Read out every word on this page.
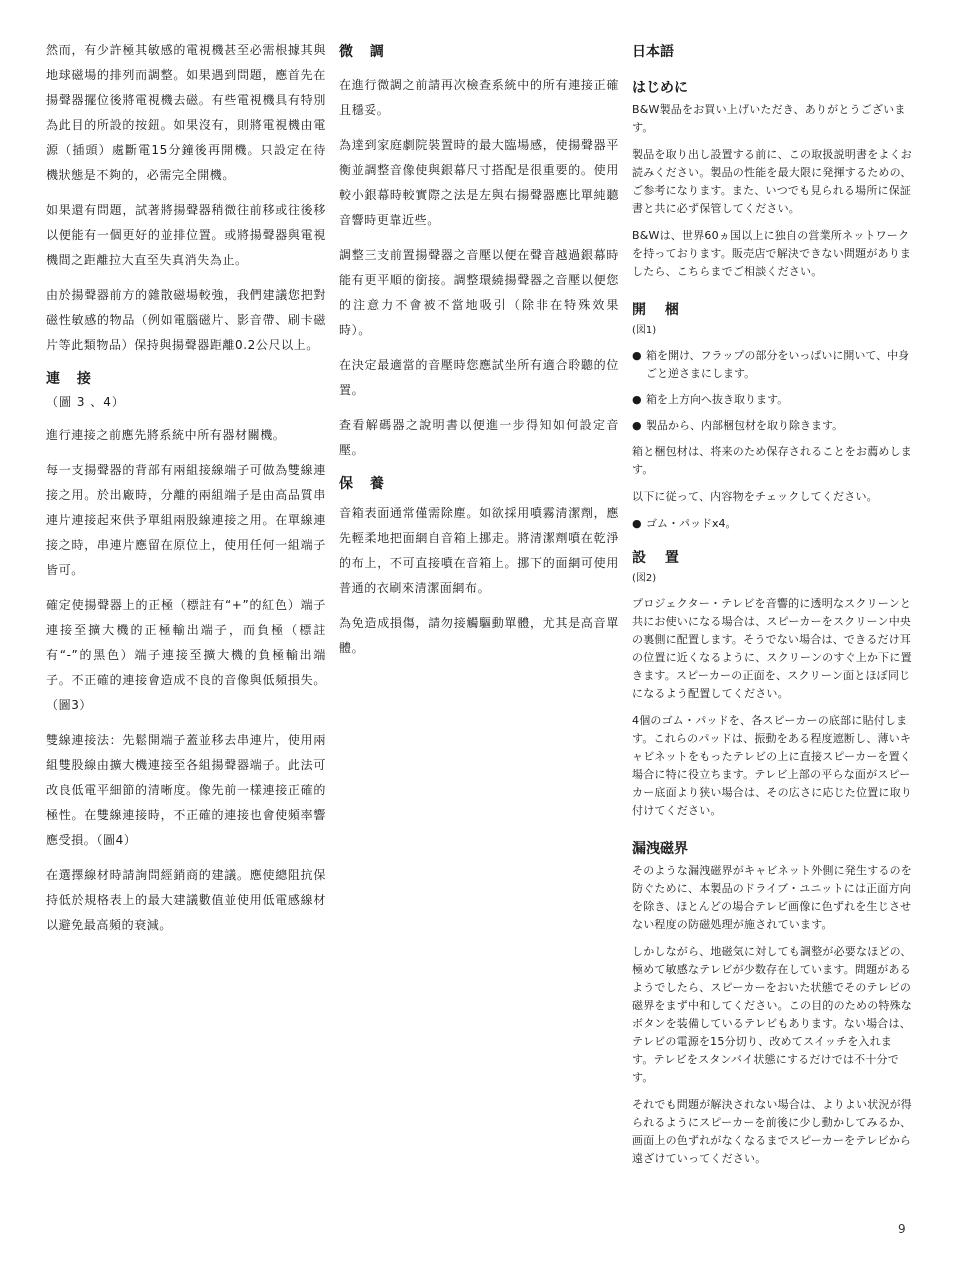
然而，有少許極其敏感的電視機甚至必需根據其與地球磁場的排列而調整。如果遇到問題，應首先在揚聲器擺位後將電視機去磁。有些電視機具有特別為此目的所設的按鈕。如果沒有，則將電視機由電源（插頭）處斷電15分鐘後再開機。只設定在待機狀態是不夠的，必需完全開機。

如果還有問題，試著將揚聲器稍微往前移或往後移以便能有一個更好的並排位置。或將揚聲器與電視機間之距離拉大直至失真消失為止。

由於揚聲器前方的雜散磁場較強，我們建議您把對磁性敏感的物品（例如電腦磁片、影音帶、刷卡磁片等此類物品）保持與揚聲器距離0.2公尺以上。

連 接
（圖 3 、4）

進行連接之前應先將系統中所有器材關機。

每一支揚聲器的背部有兩組接線端子可做為雙線連接之用。於出廠時，分離的兩組端子是由高品質串連片連接起來供予單組兩股線連接之用。在單線連接之時，串連片應留在原位上，使用任何一組端子皆可。

確定使揚聲器上的正極（標註有“+”的紅色）端子連接至擴大機的正極輸出端子，而負極（標註有“-”的黑色）端子連接至擴大機的負極輸出端子。不正確的連接會造成不良的音像與低頻損失。（圖3）

雙線連接法：先鬆開端子蓋並移去串連片，使用兩組雙股線由擴大機連接至各組揚聲器端子。此法可改良低電平細節的清晰度。像先前一樣連接正確的極性。在雙線連接時，不正確的連接也會使頻率響應受損。（圖4）

在選擇線材時請詢問經銷商的建議。應使總阻抗保持低於規格表上的最大建議數值並使用低電感線材以避免最高頻的衰減。

微 調

在進行微調之前請再次檢查系統中的所有連接正確且穩妥。

為達到家庭劇院裝置時的最大臨場感，使揚聲器平衡並調整音像使與銀幕尺寸搭配是很重要的。使用較小銀幕時較實際之法是左與右揚聲器應比單純聽音響時更靠近些。

調整三支前置揚聲器之音壓以便在聲音越過銀幕時能有更平順的銜接。調整環繞揚聲器之音壓以便您的注意力不會被不當地吸引（除非在特殊效果時）。

在決定最適當的音壓時您應試坐所有適合聆聽的位置。

查看解碼器之說明書以便進一步得知如何設定音壓。

保 養

音箱表面通常僅需除塵。如欲採用噴霧清潔劑，應先輕柔地把面網自音箱上挪走。將清潔劑噴在乾淨的布上，不可直接噴在音箱上。挪下的面網可使用普通的衣刷來清潔面網布。

為免造成損傷，請勿接觸驅動單體，尤其是高音單體。

日本語
はじめに

B&W製品をお買い上げいただき、ありがとうございます。

製品を取り出し設置する前に、この取扱説明書をよくお読みください。製品の性能を最大限に発揮するための、ご参考になります。また、いつでも見られる場所に保証書と共に必ず保管してください。

B&Wは、世界60ヵ国以上に独自の営業所ネットワークを持っております。販売店で解決できない問題がありましたら、こちらまでご相談ください。

開 梱
(図1)
● 箱を開け、フラップの部分をいっぱいに開いて、中身ごと逆さまにします。
● 箱を上方向へ抜き取ります。
● 製品から、内部梱包材を取り除きます。

箱と梱包材は、将来のため保存されることをお薦めします。

以下に従って、内容物をチェックしてください。

● ゴム・パッドx4。
設 置
(図2)

プロジェクター・テレビを音響的に透明なスクリーンと共にお使いになる場合は、スピーカーをスクリーン中央の裏側に配置します。そうでない場合は、できるだけ耳の位置に近くなるように、スクリーンのすぐ上か下に置きます。スピーカーの正面を、スクリーン面とほぼ同じになるよう配置してください。

4個のゴム・パッドを、各スピーカーの底部に貼付します。これらのパッドは、振動をある程度遮断し、薄いキャビネットをもったテレビの上に直接スピーカーを置く場合に特に役立ちます。テレビ上部の平らな面がスピーカー底面より狭い場合は、その広さに応じた位置に取り付けてください。

漏洩磁界

そのような漏洩磁界がキャビネット外側に発生するのを防ぐために、本製品のドライブ・ユニットには正面方向を除き、ほとんどの場合テレビ画像に色ずれを生じさせない程度の防磁処理が施されています。

しかしながら、地磁気に対しても調整が必要なほどの、極めて敏感なテレビが少数存在しています。問題があるようでしたら、スピーカーをおいた状態でそのテレビの磁界をまず中和してください。この目的のための特殊なボタンを装備しているテレビもあります。ない場合は、テレビの電源を15分切り、改めてスイッチを入れます。テレビをスタンバイ状態にするだけでは不十分です。

それでも問題が解決されない場合は、よりよい状況が得られるようにスピーカーを前後に少し動かしてみるか、画面上の色ずれがなくなるまでスピーカーをテレビから遠ざけていってください。

9
